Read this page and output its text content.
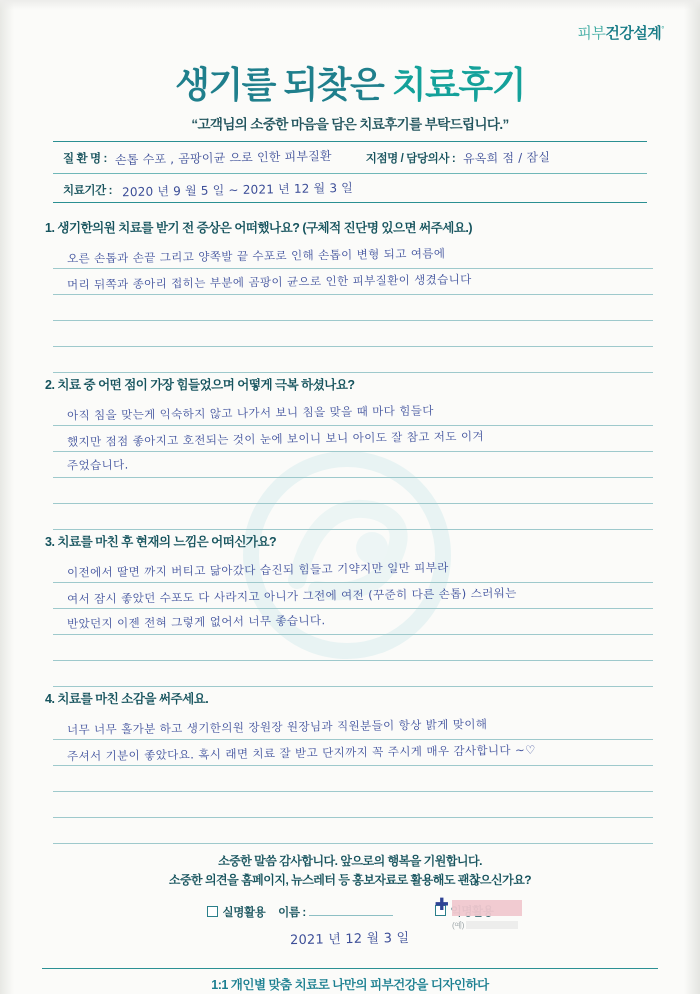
피부건강설계°
생기를 되찾은 치료후기
“고객님의 소중한 마음을 담은 치료후기를 부탁드립니다.”
질 환 명 : 손톱 수포 , 곰팡이균 으로 인한 피부질환	지점명 / 담당의사 : 유옥희 점 / 잠실
치료기간 : 2020 년 9 월 5 일 ~ 2021 년 12 월 3 일
1. 생기한의원 치료를 받기 전 증상은 어떠했나요? (구체적 진단명 있으면 써주세요.)
오른 손톱과 손끝 그리고 양쪽발 끝 수포로 인해 손톱이 변형 되고 여름에
머리 뒤쪽과 종아리 접히는 부분에 곰팡이 균으로 인한 피부질환이 생겼습니다
2. 치료 중 어떤 점이 가장 힘들었으며 어떻게 극복 하셨나요?
아직 침을 맞는게 익숙하지 않고 나가서 보니 침을 맞을 때 마다 힘들다
했지만 점점 좋아지고 호전되는 것이 눈에 보이니 보니 아이도 잘 참고 저도 이겨
주었습니다.
3. 치료를 마친 후 현재의 느낌은 어떠신가요?
이전에서 딸면 까지 버티고 닮아갔다 습진되 힘들고 기약지만 일만 피부라
여서 잠시 좋았던 수포도 다 사라지고 아니가 그전에 여전 (꾸준히 다른 손톱) 스러워는
반았던지 이젠 전혀 그렇게 없어서 너무 좋습니다.
4. 치료를 마친 소감을 써주세요.
너무 너무 홀가분 하고 생기한의원 장원장 원장님과 직원분들이 항상 밝게 맞이해
주셔서 기분이 좋았다요. 혹시 래면 치료 잘 받고 단지까지 꼭 주시게 매우 감사합니다 ~♡
소중한 말씀 감사합니다. 앞으로의 행복을 기원합니다.
소중한 의견을 홈페이지, 뉴스레터 등 홍보자료로 활용해도 괜찮으신가요?
실명활용 이름 :	✚
(예)
2021 년 12 월 3 일
1:1 개인별 맞춤 치료로 나만의 피부건강을 디자인하다
